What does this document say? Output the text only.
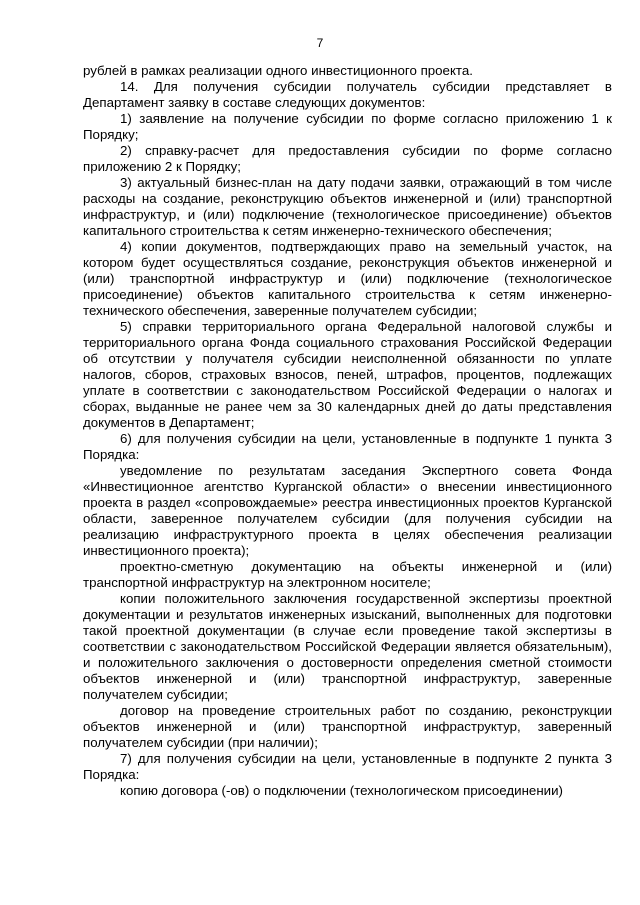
7

рублей в рамках реализации одного инвестиционного проекта.

14. Для получения субсидии получатель субсидии представляет в Департамент заявку в составе следующих документов:

1) заявление на получение субсидии по форме согласно приложению 1 к Порядку;

2) справку-расчет для предоставления субсидии по форме согласно приложению 2 к Порядку;

3) актуальный бизнес-план на дату подачи заявки, отражающий в том числе расходы на создание, реконструкцию объектов инженерной и (или) транспортной инфраструктур, и (или) подключение (технологическое присоединение) объектов капитального строительства к сетям инженерно-технического обеспечения;

4) копии документов, подтверждающих право на земельный участок, на котором будет осуществляться создание, реконструкция объектов инженерной и (или) транспортной инфраструктур и (или) подключение (технологическое присоединение) объектов капитального строительства к сетям инженерно-технического обеспечения, заверенные получателем субсидии;

5) справки территориального органа Федеральной налоговой службы и территориального органа Фонда социального страхования Российской Федерации об отсутствии у получателя субсидии неисполненной обязанности по уплате налогов, сборов, страховых взносов, пеней, штрафов, процентов, подлежащих уплате в соответствии с законодательством Российской Федерации о налогах и сборах, выданные не ранее чем за 30 календарных дней до даты представления документов в Департамент;

6) для получения субсидии на цели, установленные в подпункте 1 пункта 3 Порядка:

уведомление по результатам заседания Экспертного совета Фонда «Инвестиционное агентство Курганской области» о внесении инвестиционного проекта в раздел «сопровождаемые» реестра инвестиционных проектов Курганской области, заверенное получателем субсидии (для получения субсидии на реализацию инфраструктурного проекта в целях обеспечения реализации инвестиционного проекта);

проектно-сметную документацию на объекты инженерной и (или) транспортной инфраструктур на электронном носителе;

копии положительного заключения государственной экспертизы проектной документации и результатов инженерных изысканий, выполненных для подготовки такой проектной документации (в случае если проведение такой экспертизы в соответствии с законодательством Российской Федерации является обязательным), и положительного заключения о достоверности определения сметной стоимости объектов инженерной и (или) транспортной инфраструктур, заверенные получателем субсидии;

договор на проведение строительных работ по созданию, реконструкции объектов инженерной и (или) транспортной инфраструктур, заверенный получателем субсидии (при наличии);

7) для получения субсидии на цели, установленные в подпункте 2 пункта 3 Порядка:

копию договора (-ов) о подключении (технологическом присоединении)
